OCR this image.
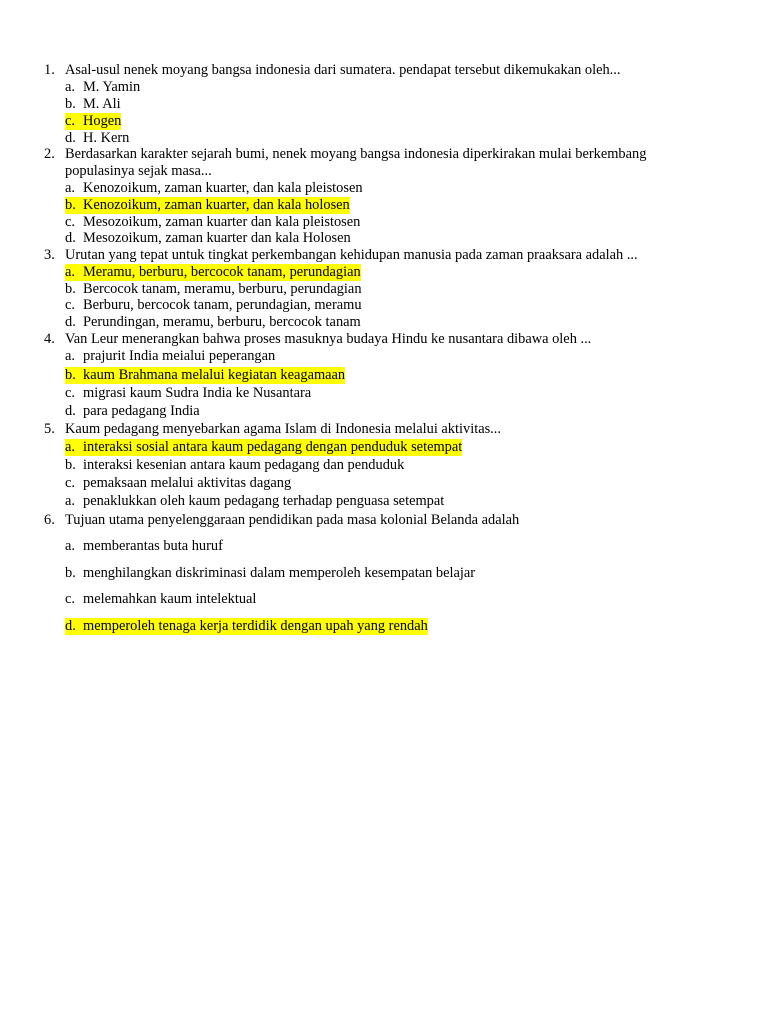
1. Asal-usul nenek moyang bangsa indonesia dari sumatera. pendapat tersebut dikemukakan oleh...
a. M. Yamin
b. M. Ali
c. Hogen
d. H. Kern
2. Berdasarkan karakter sejarah bumi, nenek moyang bangsa indonesia diperkirakan mulai berkembang
populasinya sejak masa...
a. Kenozoikum, zaman kuarter, dan kala pleistosen
b. Kenozoikum, zaman kuarter, dan kala holosen
c. Mesozoikum, zaman kuarter dan kala pleistosen
d. Mesozoikum, zaman kuarter dan kala Holosen
3. Urutan yang tepat untuk tingkat perkembangan kehidupan manusia pada zaman praaksara adalah ...
a. Meramu, berburu, bercocok tanam, perundagian
b. Bercocok tanam, meramu, berburu, perundagian
c. Berburu, bercocok tanam, perundagian, meramu
d. Perundingan, meramu, berburu, bercocok tanam
4. Van Leur menerangkan bahwa proses masuknya budaya Hindu ke nusantara dibawa oleh ...
a. prajurit India meialui peperangan
b. kaum Brahmana melalui kegiatan keagamaan
c. migrasi kaum Sudra India ke Nusantara
d. para pedagang India
5. Kaum pedagang menyebarkan agama Islam di Indonesia melalui aktivitas...
a. interaksi sosial antara kaum pedagang dengan penduduk setempat
b. interaksi kesenian antara kaum pedagang dan penduduk
c. pemaksaan melalui aktivitas dagang
a. penaklukkan oleh kaum pedagang terhadap penguasa setempat
6. Tujuan utama penyelenggaraan pendidikan pada masa kolonial Belanda adalah
a. memberantas buta huruf
b. menghilangkan diskriminasi dalam memperoleh kesempatan belajar
c. melemahkan kaum intelektual
d. memperoleh tenaga kerja terdidik dengan upah yang rendah
